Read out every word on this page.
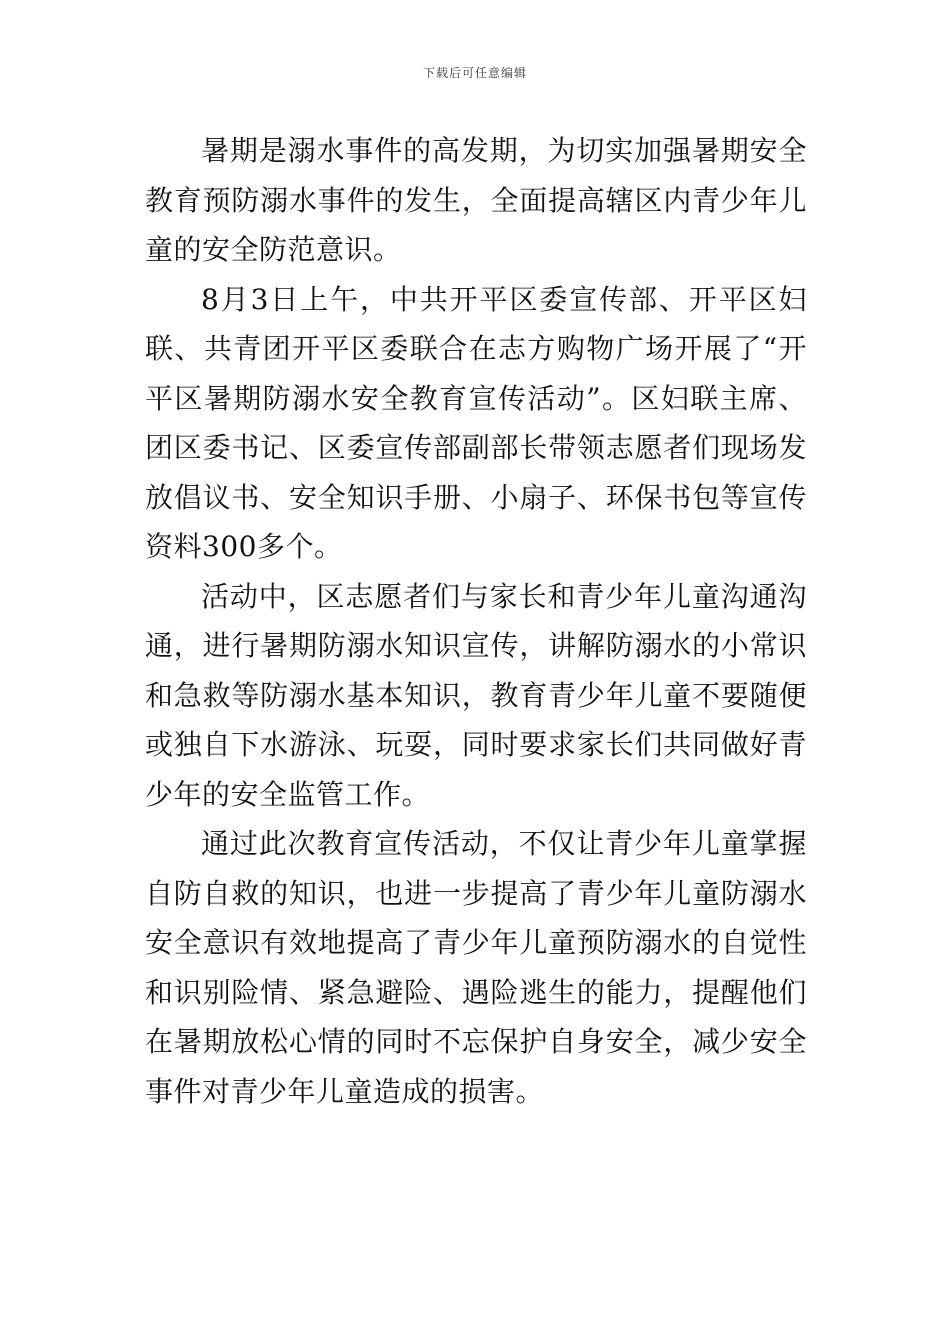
下载后可任意编辑

暑期是溺水事件的高发期，为切实加强暑期安全教育预防溺水事件的发生，全面提高辖区内青少年儿童的安全防范意识。

8月3日上午，中共开平区委宣传部、开平区妇联、共青团开平区委联合在志方购物广场开展了“开平区暑期防溺水安全教育宣传活动”。区妇联主席、团区委书记、区委宣传部副部长带领志愿者们现场发放倡议书、安全知识手册、小扇子、环保书包等宣传资料300多个。

活动中，区志愿者们与家长和青少年儿童沟通沟通，进行暑期防溺水知识宣传，讲解防溺水的小常识和急救等防溺水基本知识，教育青少年儿童不要随便或独自下水游泳、玩耍，同时要求家长们共同做好青少年的安全监管工作。

通过此次教育宣传活动，不仅让青少年儿童掌握自防自救的知识，也进一步提高了青少年儿童防溺水安全意识有效地提高了青少年儿童预防溺水的自觉性和识别险情、紧急避险、遇险逃生的能力，提醒他们在暑期放松心情的同时不忘保护自身安全，减少安全事件对青少年儿童造成的损害。
